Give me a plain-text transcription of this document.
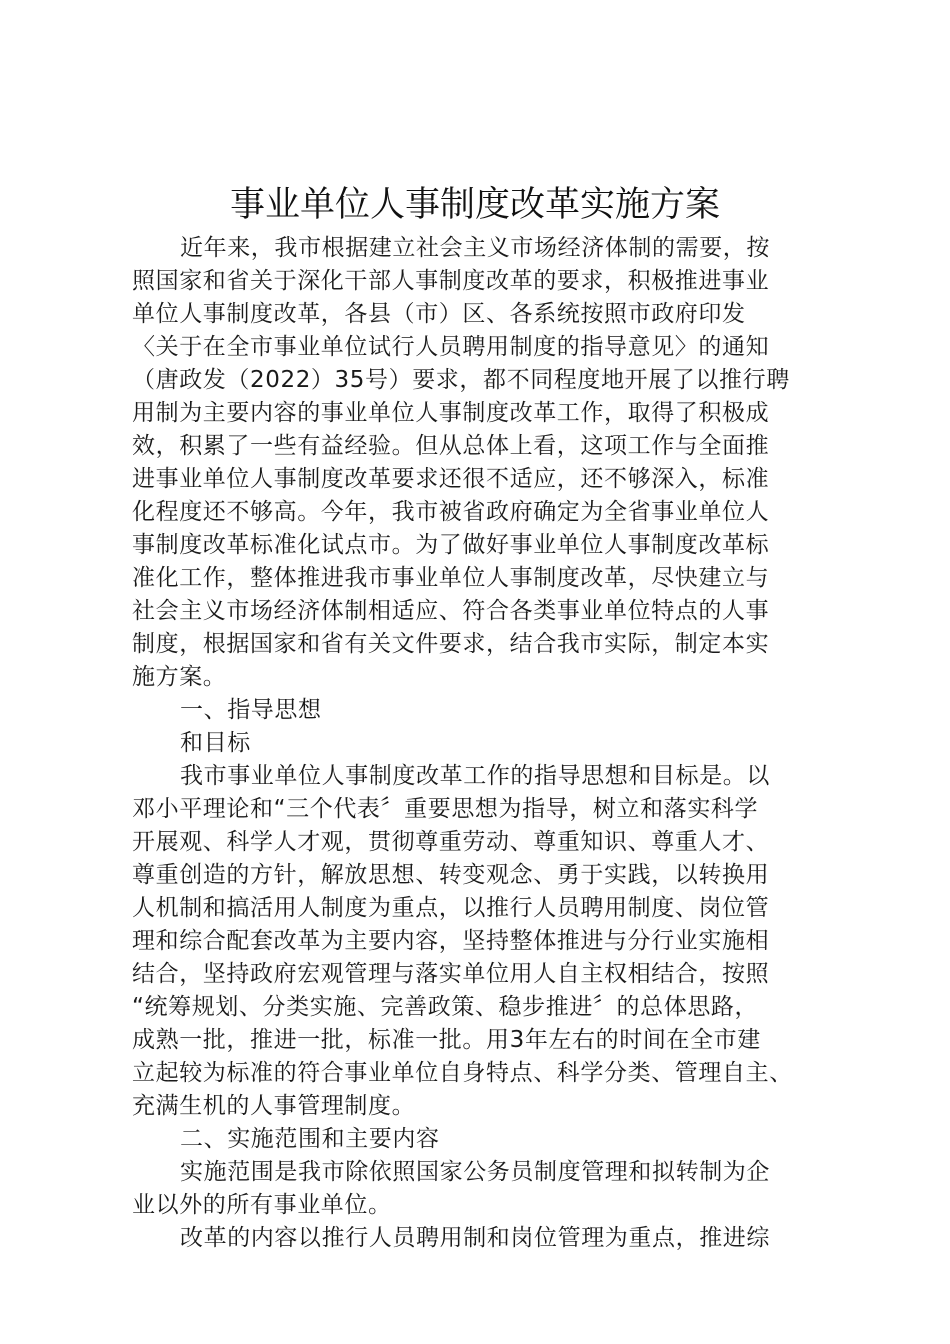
事业单位人事制度改革实施方案
近年来，我市根据建立社会主义市场经济体制的需要，按
照国家和省关于深化干部人事制度改革的要求，积极推进事业
单位人事制度改革，各县（市）区、各系统按照市政府印发
〈关于在全市事业单位试行人员聘用制度的指导意见〉的通知
（唐政发（2022）35号）要求，都不同程度地开展了以推行聘
用制为主要内容的事业单位人事制度改革工作，取得了积极成
效，积累了一些有益经验。但从总体上看，这项工作与全面推
进事业单位人事制度改革要求还很不适应，还不够深入，标准
化程度还不够高。今年，我市被省政府确定为全省事业单位人
事制度改革标准化试点市。为了做好事业单位人事制度改革标
准化工作，整体推进我市事业单位人事制度改革，尽快建立与
社会主义市场经济体制相适应、符合各类事业单位特点的人事
制度，根据国家和省有关文件要求，结合我市实际，制定本实
施方案。
一、指导思想
和目标
我市事业单位人事制度改革工作的指导思想和目标是。以
邓小平理论和“三个代表〞重要思想为指导，树立和落实科学
开展观、科学人才观，贯彻尊重劳动、尊重知识、尊重人才、
尊重创造的方针，解放思想、转变观念、勇于实践，以转换用
人机制和搞活用人制度为重点，以推行人员聘用制度、岗位管
理和综合配套改革为主要内容，坚持整体推进与分行业实施相
结合，坚持政府宏观管理与落实单位用人自主权相结合，按照
“统筹规划、分类实施、完善政策、稳步推进〞的总体思路，
成熟一批，推进一批，标准一批。用3年左右的时间在全市建
立起较为标准的符合事业单位自身特点、科学分类、管理自主、
充满生机的人事管理制度。
二、实施范围和主要内容
实施范围是我市除依照国家公务员制度管理和拟转制为企
业以外的所有事业单位。
改革的内容以推行人员聘用制和岗位管理为重点，推进综
